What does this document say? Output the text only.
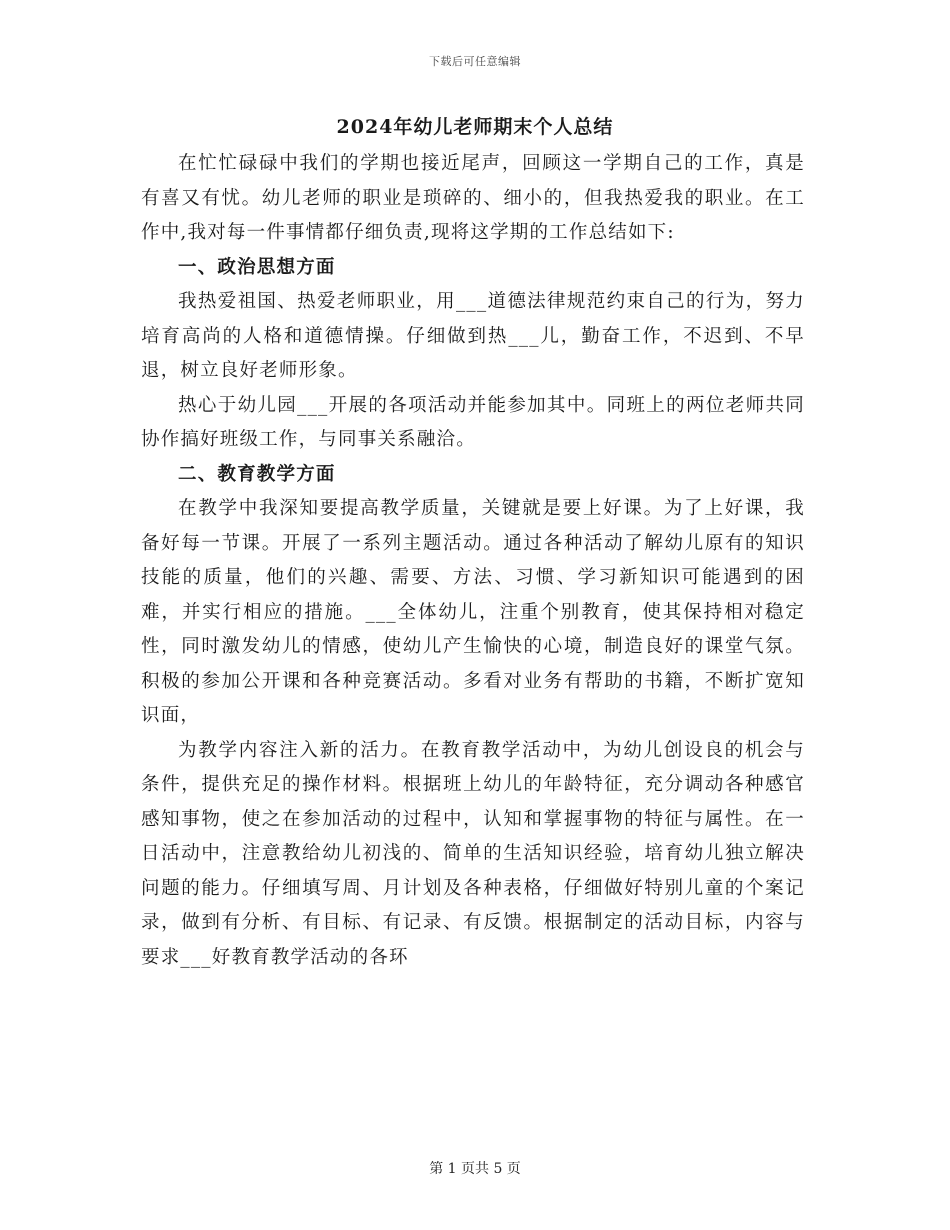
下载后可任意编辑
2024年幼儿老师期末个人总结

在忙忙碌碌中我们的学期也接近尾声，回顾这一学期自己的工作，真是有喜又有忧。幼儿老师的职业是琐碎的、细小的，但我热爱我的职业。在工作中,我对每一件事情都仔细负责,现将这学期的工作总结如下:

一、政治思想方面

我热爱祖国、热爱老师职业，用___道德法律规范约束自己的行为，努力培育高尚的人格和道德情操。仔细做到热___儿，勤奋工作，不迟到、不早退，树立良好老师形象。

热心于幼儿园___开展的各项活动并能参加其中。同班上的两位老师共同协作搞好班级工作，与同事关系融洽。

二、教育教学方面

在教学中我深知要提高教学质量，关键就是要上好课。为了上好课，我备好每一节课。开展了一系列主题活动。通过各种活动了解幼儿原有的知识技能的质量，他们的兴趣、需要、方法、习惯、学习新知识可能遇到的困难，并实行相应的措施。___全体幼儿，注重个别教育，使其保持相对稳定性，同时激发幼儿的情感，使幼儿产生愉快的心境，制造良好的课堂气氛。积极的参加公开课和各种竞赛活动。多看对业务有帮助的书籍，不断扩宽知识面，

为教学内容注入新的活力。在教育教学活动中，为幼儿创设良的机会与条件，提供充足的操作材料。根据班上幼儿的年龄特征，充分调动各种感官感知事物，使之在参加活动的过程中，认知和掌握事物的特征与属性。在一日活动中，注意教给幼儿初浅的、简单的生活知识经验，培育幼儿独立解决问题的能力。仔细填写周、月计划及各种表格，仔细做好特别儿童的个案记录，做到有分析、有目标、有记录、有反馈。根据制定的活动目标，内容与要求___好教育教学活动的各环

第 1 页共 5 页
